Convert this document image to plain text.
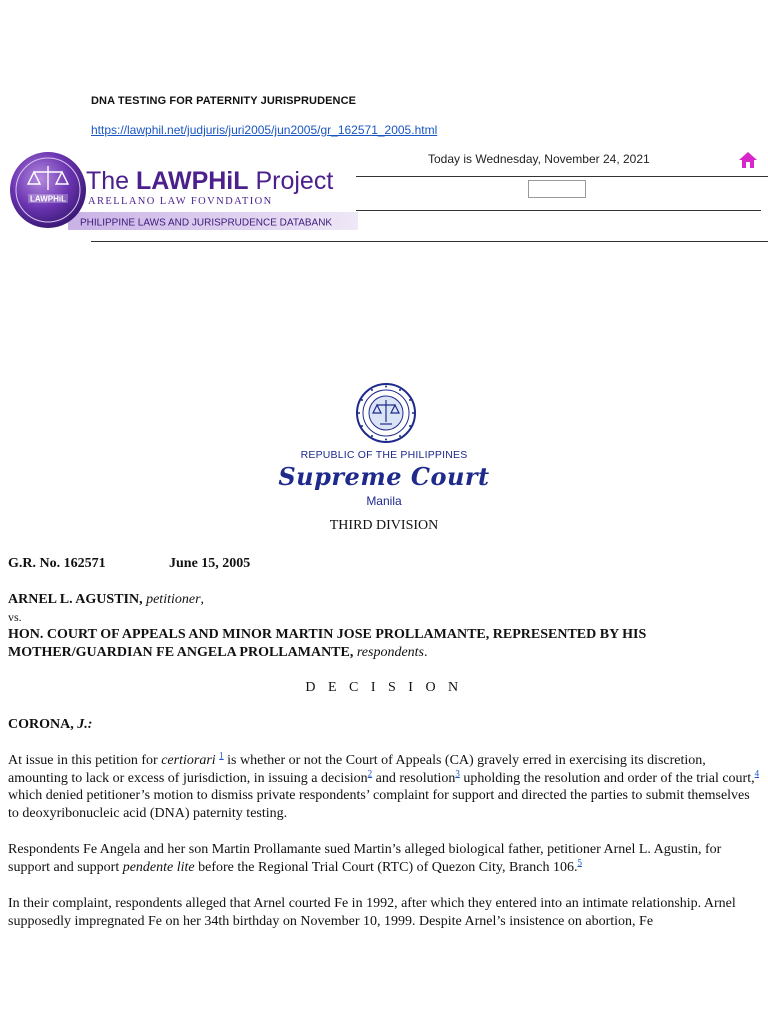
DNA TESTING FOR PATERNITY JURISPRUDENCE
https://lawphil.net/judjuris/juri2005/jun2005/gr_162571_2005.html
LAWPHiL
The LAWPHiL Project
ARELLANO LAW FOVNDATION
PHILIPPINE LAWS AND JURISPRUDENCE DATABANK
Today is Wednesday, November 24, 2021
REPUBLIC OF THE PHILIPPINES
Supreme Court
Manila
THIRD DIVISION
G.R. No. 162571	June 15, 2005
ARNEL L. AGUSTIN, petitioner,
vs.
HON. COURT OF APPEALS AND MINOR MARTIN JOSE PROLLAMANTE, REPRESENTED BY HIS MOTHER/GUARDIAN FE ANGELA PROLLAMANTE, respondents.
D E C I S I O N
CORONA, J.:
At issue in this petition for certiorari $^1$ is whether or not the Court of Appeals (CA) gravely erred in exercising its discretion, amounting to lack or excess of jurisdiction, in issuing a decision$^2$ and resolution$^3$ upholding the resolution and order of the trial court,$^4$ which denied petitioner’s motion to dismiss private respondents’ complaint for support and directed the parties to submit themselves to deoxyribonucleic acid (DNA) paternity testing.
Respondents Fe Angela and her son Martin Prollamante sued Martin’s alleged biological father, petitioner Arnel L. Agustin, for support and support pendente lite before the Regional Trial Court (RTC) of Quezon City, Branch 106.$^5$
In their complaint, respondents alleged that Arnel courted Fe in 1992, after which they entered into an intimate relationship. Arnel supposedly impregnated Fe on her 34th birthday on November 10, 1999. Despite Arnel’s insistence on abortion, Fe
